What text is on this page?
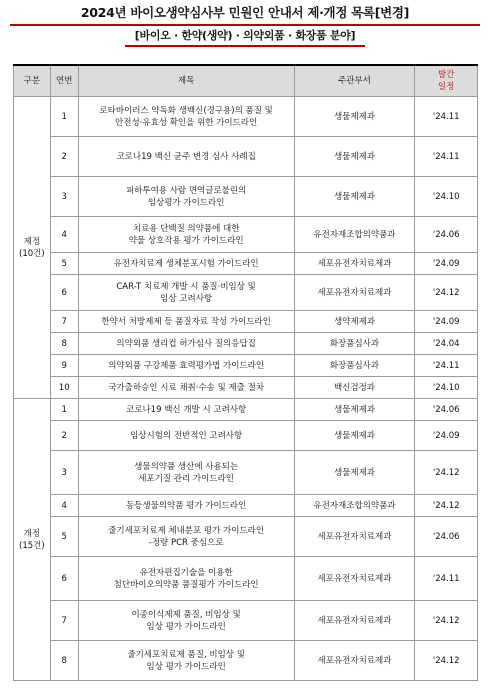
2024년 바이오생약심사부 민원인 안내서 제·개정 목록[변경]
[바이오 · 한약(생약) · 의약외품 · 화장품 분야]
구분	연번	제목	주관부서	발간
일정
제정
(10건)	1	로타바이러스 약독화 생백신(경구용)의 품질 및
안전성·유효성 확인을 위한 가이드라인	생물제제과	'24.11
	2	코로나19 백신 균주 변경 심사 사례집	생물제제과	'24.11
	3	피하투여용 사람 면역글로불린의
임상평가 가이드라인	생물제제과	'24.10
	4	치료용 단백질 의약품에 대한
약물 상호작용 평가 가이드라인	유전자재조합의약품과	'24.06
	5	유전자치료제 생체분포시험 가이드라인	세포유전자치료제과	'24.09
	6	CAR-T 치료제 개발 시 품질·비임상 및
임상 고려사항	세포유전자치료제과	'24.12
	7	한약서 처방제제 등 품질자료 작성 가이드라인	생약제제과	'24.09
	8	의약외품 생리컵 허가심사 질의응답집	화장품심사과	'24.04
	9	의약외품 구강제품 효력평가법 가이드라인	화장품심사과	'24.11
	10	국가출하승인 시료 채취·수송 및 제출 절차	백신검정과	'24.10
개정
(15건)	1	코로나19 백신 개발 시 고려사항	생물제제과	'24.06
	2	임상시험의 전반적인 고려사항	생물제제과	'24.09
	3	생물의약품 생산에 사용되는
세포기질 관리 가이드라인	생물제제과	'24.12
	4	동등생물의약품 평가 가이드라인	유전자재조합의약품과	'24.12
	5	줄기세포치료제 체내분포 평가 가이드라인
-정량 PCR 중심으로	세포유전자치료제과	'24.06
	6	유전자편집기술을 이용한
첨단바이오의약품 품질평가 가이드라인	세포유전자치료제과	'24.11
	7	이종이식제제 품질, 비임상 및
임상 평가 가이드라인	세포유전자치료제과	'24.12
	8	줄기세포치료제 품질, 비임상 및
임상 평가 가이드라인	세포유전자치료제과	'24.12
